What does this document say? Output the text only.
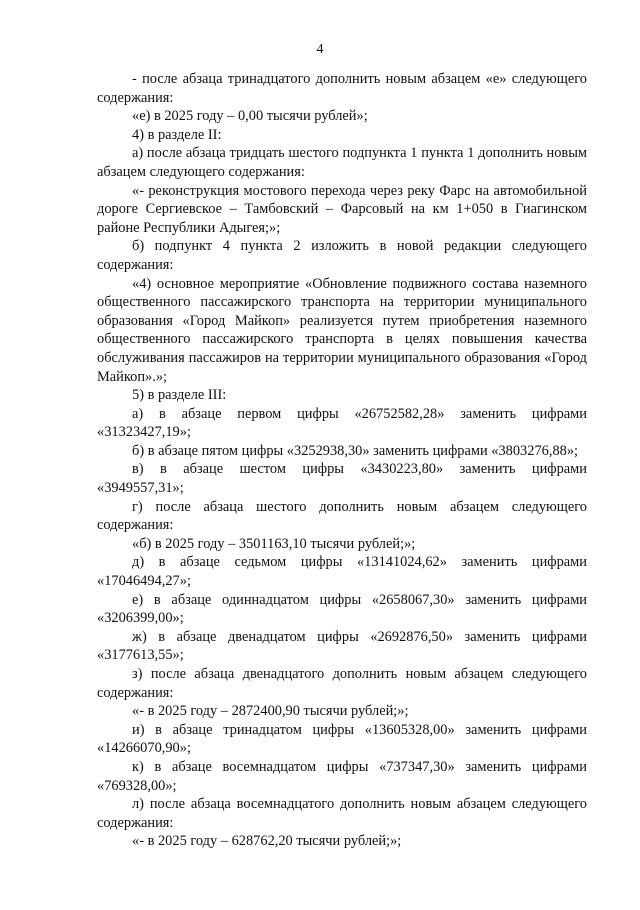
4

- после абзаца тринадцатого дополнить новым абзацем «е» следующего содержания:

«е) в 2025 году – 0,00 тысячи рублей»;

4) в разделе II:

а) после абзаца тридцать шестого подпункта 1 пункта 1 дополнить новым абзацем следующего содержания:

«- реконструкция мостового перехода через реку Фарс на автомобильной дороге Сергиевское – Тамбовский – Фарсовый на км 1+050 в Гиагинском районе Республики Адыгея;»;

б) подпункт 4 пункта 2 изложить в новой редакции следующего содержания:

«4) основное мероприятие «Обновление подвижного состава наземного общественного пассажирского транспорта на территории муниципального образования «Город Майкоп» реализуется путем приобретения наземного общественного пассажирского транспорта в целях повышения качества обслуживания пассажиров на территории муниципального образования «Город Майкоп».»;

5) в разделе III:

а) в абзаце первом цифры «26752582,28» заменить цифрами «31323427,19»;

б) в абзаце пятом цифры «3252938,30» заменить цифрами «3803276,88»;

в) в абзаце шестом цифры «3430223,80» заменить цифрами «3949557,31»;

г) после абзаца шестого дополнить новым абзацем следующего содержания:

«б) в 2025 году – 3501163,10 тысячи рублей;»;

д) в абзаце седьмом цифры «13141024,62» заменить цифрами «17046494,27»;

е) в абзаце одиннадцатом цифры «2658067,30» заменить цифрами «3206399,00»;

ж) в абзаце двенадцатом цифры «2692876,50» заменить цифрами «3177613,55»;

з) после абзаца двенадцатого дополнить новым абзацем следующего содержания:

«- в 2025 году – 2872400,90 тысячи рублей;»;

и) в абзаце тринадцатом цифры «13605328,00» заменить цифрами «14266070,90»;

к) в абзаце восемнадцатом цифры «737347,30» заменить цифрами «769328,00»;

л) после абзаца восемнадцатого дополнить новым абзацем следующего содержания:

«- в 2025 году – 628762,20 тысячи рублей;»;
